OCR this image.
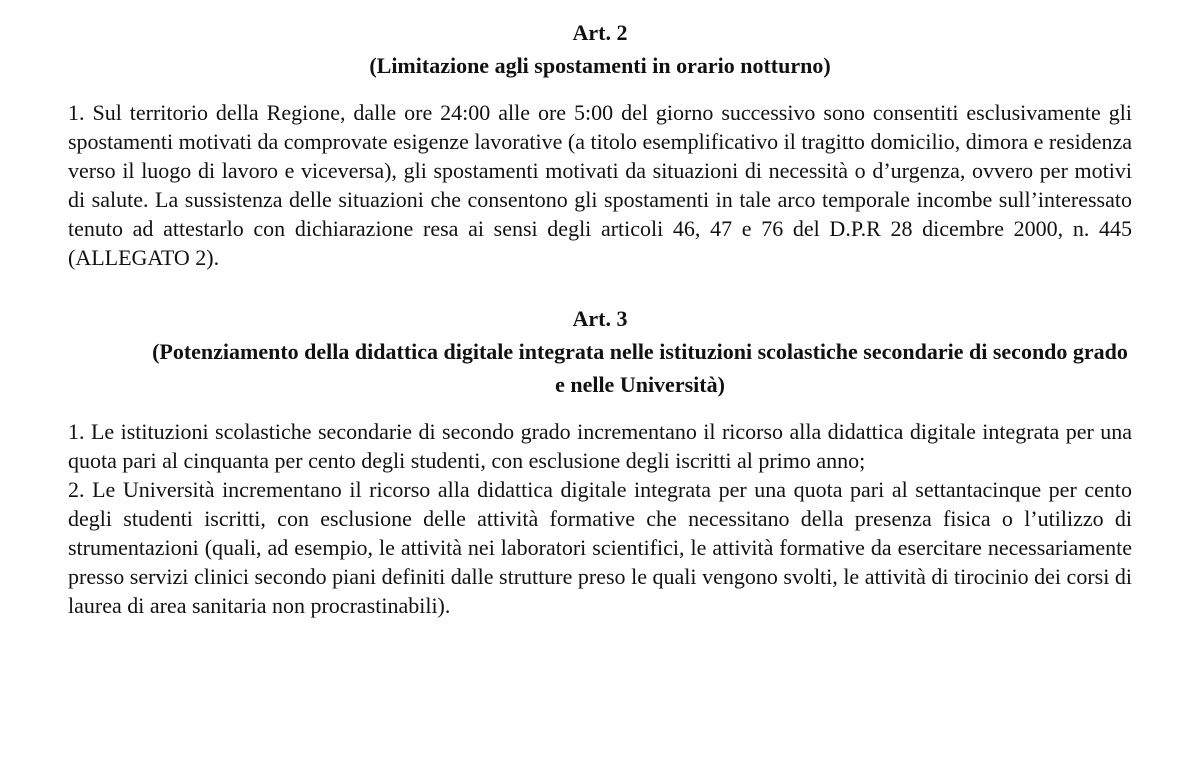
Art. 2
(Limitazione agli spostamenti in orario notturno)

1. Sul territorio della Regione, dalle ore 24:00 alle ore 5:00 del giorno successivo sono consentiti esclusivamente gli spostamenti motivati da comprovate esigenze lavorative (a titolo esemplificativo il tragitto domicilio, dimora e residenza verso il luogo di lavoro e viceversa), gli spostamenti motivati da situazioni di necessità o d’urgenza, ovvero per motivi di salute. La sussistenza delle situazioni che consentono gli spostamenti in tale arco temporale incombe sull’interessato tenuto ad attestarlo con dichiarazione resa ai sensi degli articoli 46, 47 e 76 del D.P.R 28 dicembre 2000, n. 445 (ALLEGATO 2).

Art. 3
(Potenziamento della didattica digitale integrata nelle istituzioni scolastiche secondarie di secondo grado e nelle Università)

1. Le istituzioni scolastiche secondarie di secondo grado incrementano il ricorso alla didattica digitale integrata per una quota pari al cinquanta per cento degli studenti, con esclusione degli iscritti al primo anno;

2. Le Università incrementano il ricorso alla didattica digitale integrata per una quota pari al settantacinque per cento degli studenti iscritti, con esclusione delle attività formative che necessitano della presenza fisica o l’utilizzo di strumentazioni (quali, ad esempio, le attività nei laboratori scientifici, le attività formative da esercitare necessariamente presso servizi clinici secondo piani definiti dalle strutture preso le quali vengono svolti, le attività di tirocinio dei corsi di laurea di area sanitaria non procrastinabili).
